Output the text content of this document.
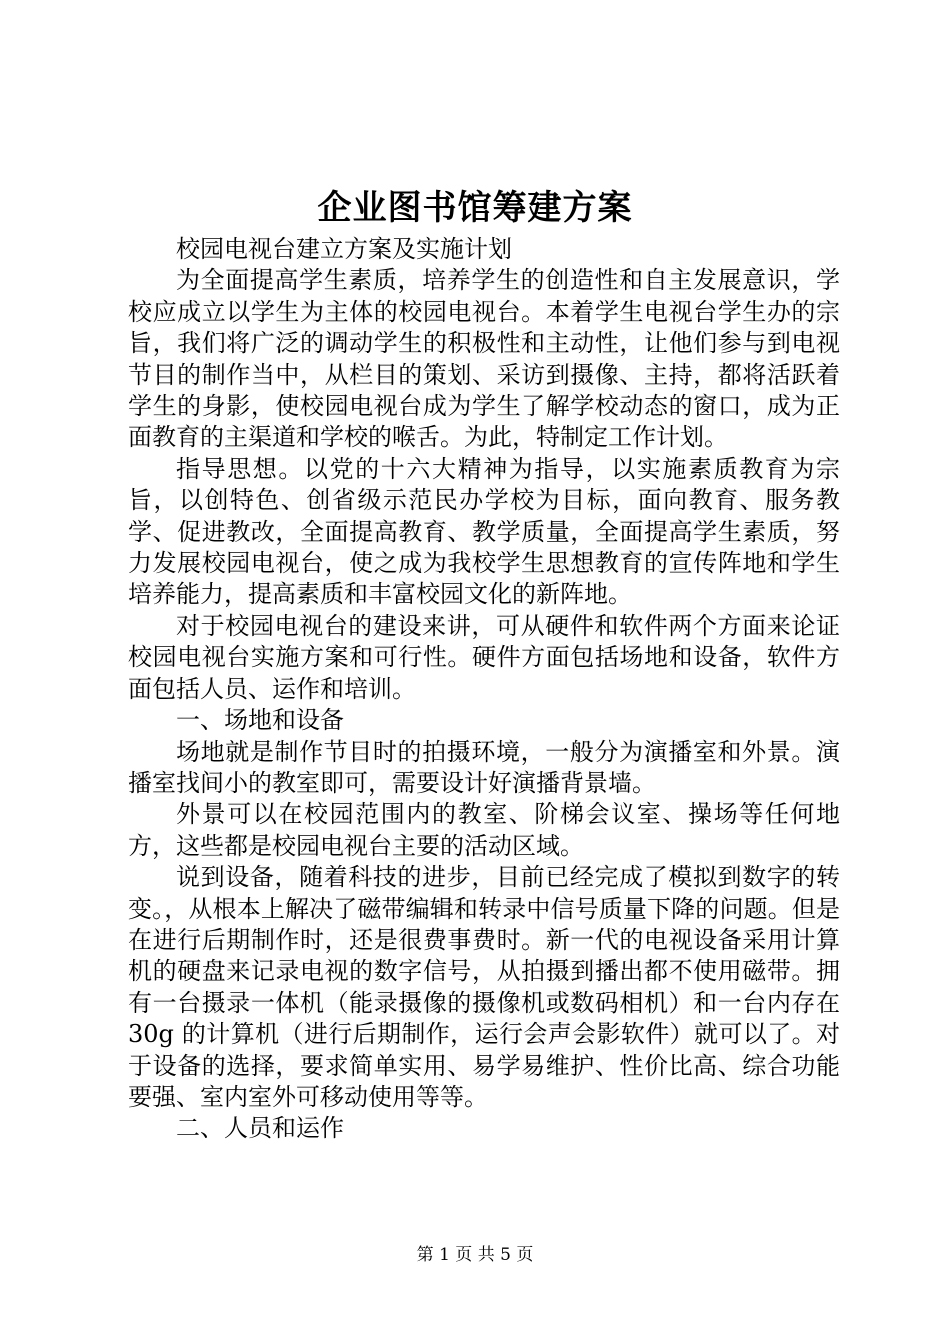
企业图书馆筹建方案

校园电视台建立方案及实施计划

为全面提高学生素质，培养学生的创造性和自主发展意识，学校应成立以学生为主体的校园电视台。本着学生电视台学生办的宗旨，我们将广泛的调动学生的积极性和主动性，让他们参与到电视节目的制作当中，从栏目的策划、采访到摄像、主持，都将活跃着学生的身影，使校园电视台成为学生了解学校动态的窗口，成为正面教育的主渠道和学校的喉舌。为此，特制定工作计划。

指导思想。以党的十六大精神为指导，以实施素质教育为宗旨，以创特色、创省级示范民办学校为目标，面向教育、服务教学、促进教改，全面提高教育、教学质量，全面提高学生素质，努力发展校园电视台，使之成为我校学生思想教育的宣传阵地和学生培养能力，提高素质和丰富校园文化的新阵地。

对于校园电视台的建设来讲，可从硬件和软件两个方面来论证校园电视台实施方案和可行性。硬件方面包括场地和设备，软件方面包括人员、运作和培训。

一、场地和设备

场地就是制作节目时的拍摄环境，一般分为演播室和外景。演播室找间小的教室即可，需要设计好演播背景墙。

外景可以在校园范围内的教室、阶梯会议室、操场等任何地方，这些都是校园电视台主要的活动区域。

说到设备，随着科技的进步，目前已经完成了模拟到数字的转变。，从根本上解决了磁带编辑和转录中信号质量下降的问题。但是在进行后期制作时，还是很费事费时。新一代的电视设备采用计算机的硬盘来记录电视的数字信号，从拍摄到播出都不使用磁带。拥有一台摄录一体机（能录摄像的摄像机或数码相机）和一台内存在 30g 的计算机（进行后期制作，运行会声会影软件）就可以了。对于设备的选择，要求简单实用、易学易维护、性价比高、综合功能要强、室内室外可移动使用等等。

二、人员和运作

第 1 页 共 5 页
